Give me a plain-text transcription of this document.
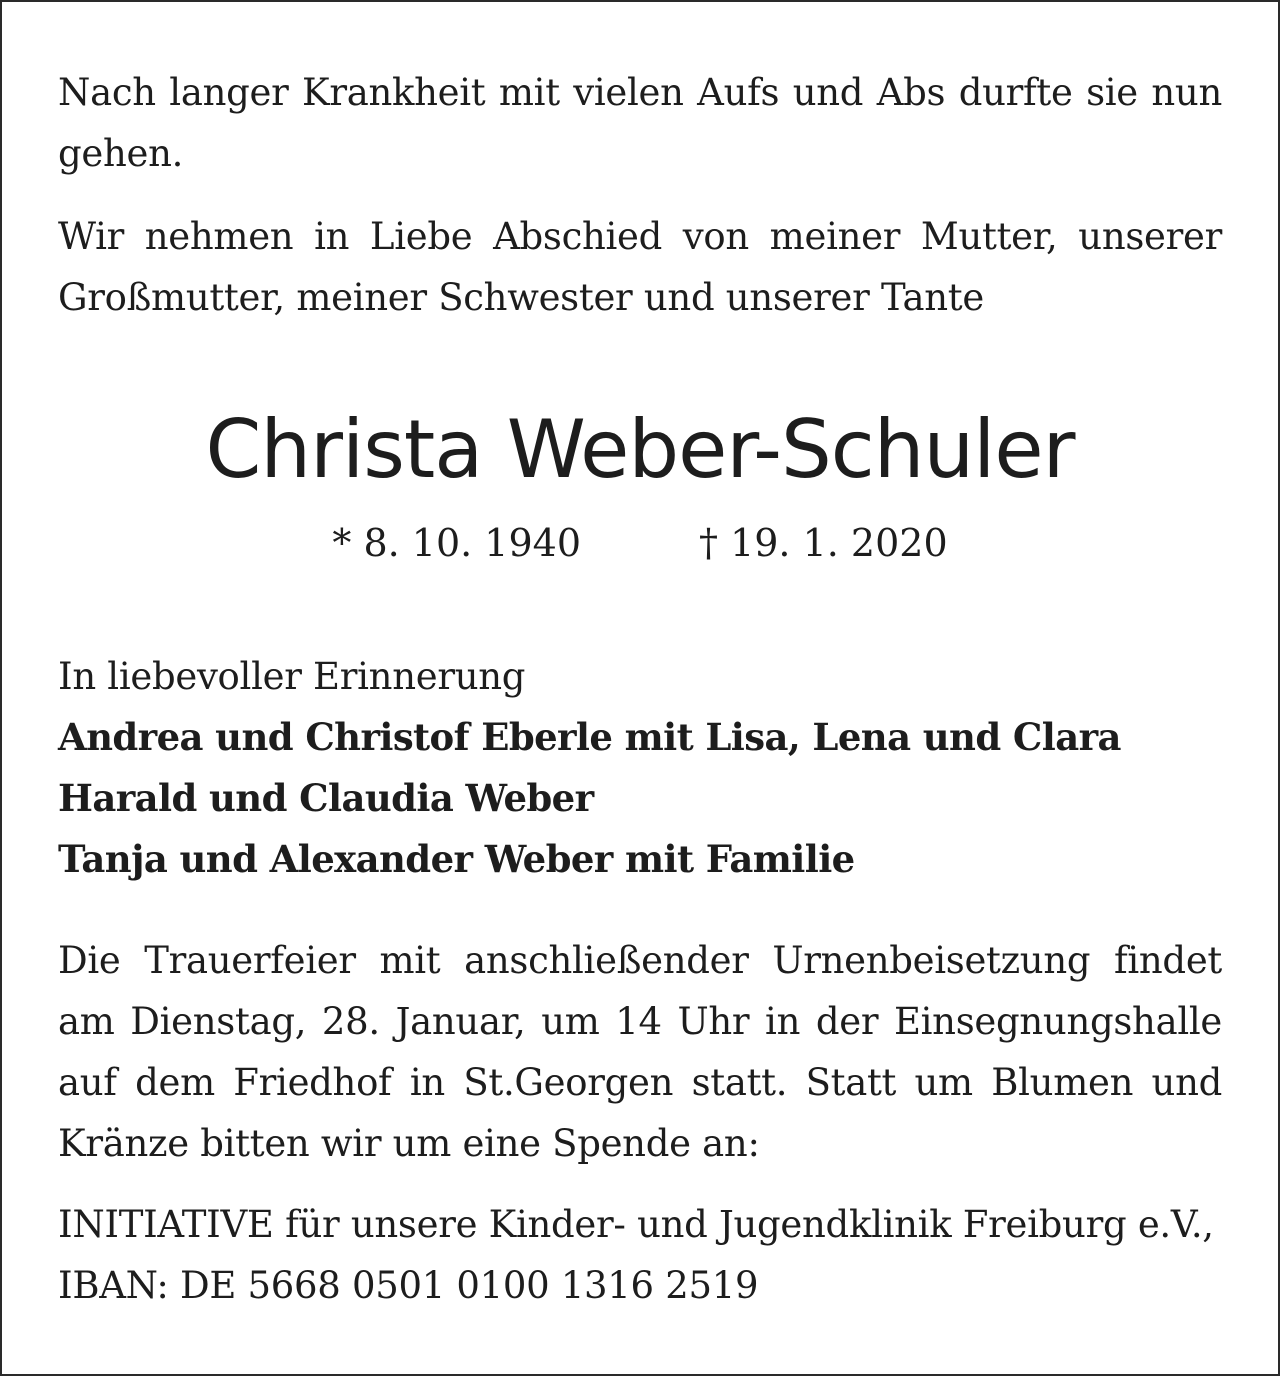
Nach langer Krankheit mit vielen Aufs und Abs durfte sie nun gehen.

Wir nehmen in Liebe Abschied von meiner Mutter, unserer Großmutter, meiner Schwester und unserer Tante

Christa Weber-Schuler
* 8. 10. 1940	† 19. 1. 2020
In liebevoller Erinnerung
Andrea und Christof Eberle mit Lisa, Lena und Clara
Harald und Claudia Weber
Tanja und Alexander Weber mit Familie

Die Trauerfeier mit anschließender Urnenbeisetzung findet am Dienstag, 28. Januar, um 14 Uhr in der Einsegnungshalle auf dem Friedhof in St.Georgen statt. Statt um Blumen und Kränze bitten wir um eine Spende an:

INITIATIVE für unsere Kinder- und Jugendklinik Freiburg e.V.,
IBAN: DE 5668 0501 0100 1316 2519
